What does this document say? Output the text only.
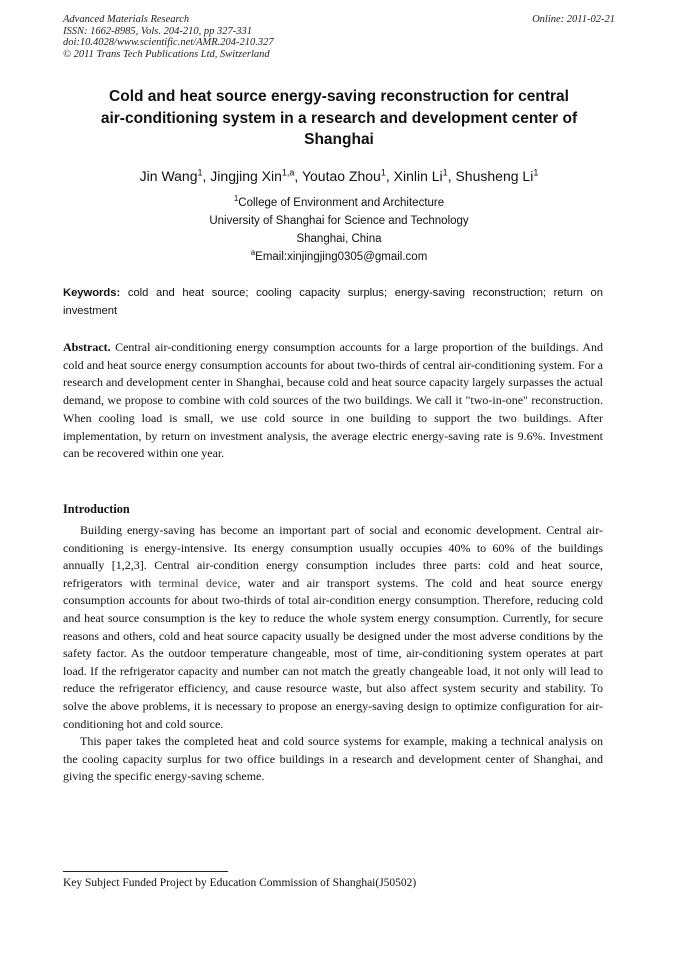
Advanced Materials Research
ISSN: 1662-8985, Vols. 204-210, pp 327-331
doi:10.4028/www.scientific.net/AMR.204-210.327
© 2011 Trans Tech Publications Ltd, Switzerland
Online: 2011-02-21
Cold and heat source energy-saving reconstruction for central
air-conditioning system in a research and development center of
Shanghai
Jin Wang$^1$, Jingjing Xin$^{1,a}$, Youtao Zhou$^1$, Xinlin Li$^1$, Shusheng Li$^1$
$^1$College of Environment and Architecture
University of Shanghai for Science and Technology
Shanghai, China
$^a$Email:xinjingjing0305@gmail.com
Keywords: cold and heat source; cooling capacity surplus; energy-saving reconstruction; return on investment
Abstract. Central air-conditioning energy consumption accounts for a large proportion of the buildings. And cold and heat source energy consumption accounts for about two-thirds of central air-conditioning system. For a research and development center in Shanghai, because cold and heat source capacity largely surpasses the actual demand, we propose to combine with cold sources of the two buildings. We call it "two-in-one" reconstruction. When cooling load is small, we use cold source in one building to support the two buildings. After implementation, by return on investment analysis, the average electric energy-saving rate is 9.6%. Investment can be recovered within one year.
Introduction

Building energy-saving has become an important part of social and economic development. Central air-conditioning is energy-intensive. Its energy consumption usually occupies 40% to 60% of the buildings annually [1,2,3]. Central air-condition energy consumption includes three parts: cold and heat source, refrigerators with terminal device, water and air transport systems. The cold and heat source energy consumption accounts for about two-thirds of total air-condition energy consumption. Therefore, reducing cold and heat source consumption is the key to reduce the whole system energy consumption. Currently, for secure reasons and others, cold and heat source capacity usually be designed under the most adverse conditions by the safety factor. As the outdoor temperature changeable, most of time, air-conditioning system operates at part load. If the refrigerator capacity and number can not match the greatly changeable load, it not only will lead to reduce the refrigerator efficiency, and cause resource waste, but also affect system security and stability. To solve the above problems, it is necessary to propose an energy-saving design to optimize configuration for air-conditioning hot and cold source.

This paper takes the completed heat and cold source systems for example, making a technical analysis on the cooling capacity surplus for two office buildings in a research and development center of Shanghai, and giving the specific energy-saving scheme.

Key Subject Funded Project by Education Commission of Shanghai(J50502)
